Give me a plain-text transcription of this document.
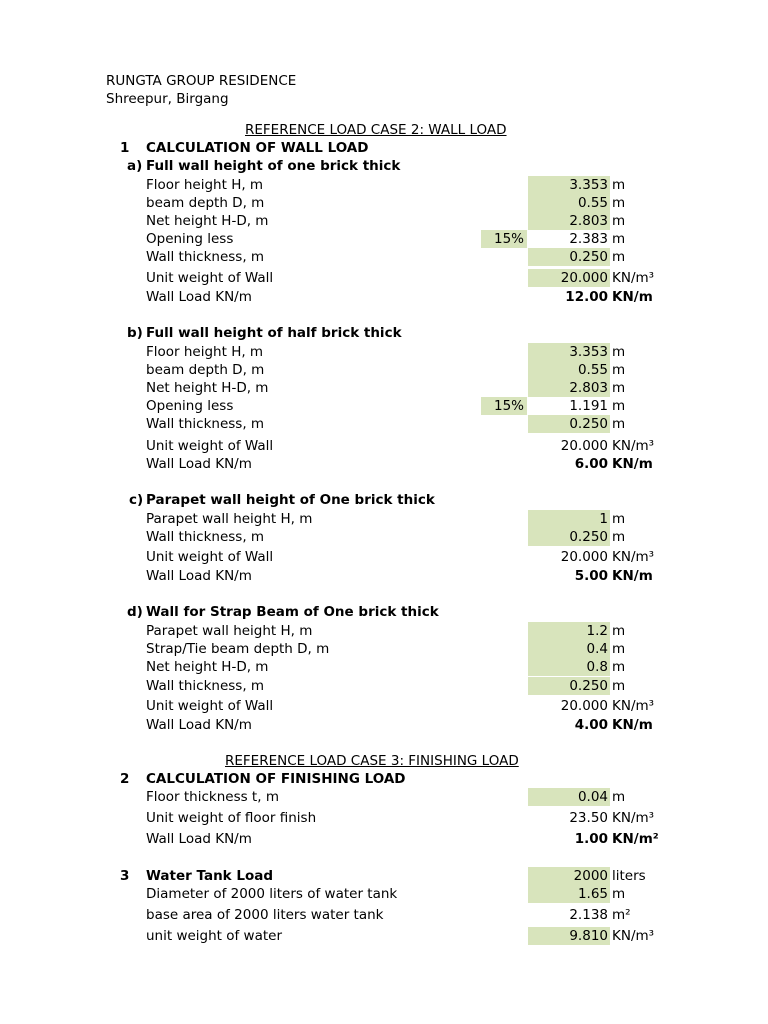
RUNGTA GROUP RESIDENCE
Shreepur, Birgang
REFERENCE LOAD CASE 2: WALL LOAD
1 CALCULATION OF WALL LOAD
a) Full wall height of one brick thick
b) Full wall height of half brick thick
c) Parapet wall height of One brick thick
d) Wall for Strap Beam of One brick thick
REFERENCE LOAD CASE 3: FINISHING LOAD
2 CALCULATION OF FINISHING LOAD
3 Water Tank Load	2000 liters
Floor height H, m	3.353 m
beam depth D, m	0.55 m
Net height H-D, m	2.803 m
Opening less	15%	2.383 m
Wall thickness, m	0.250 m
Unit weight of Wall	20.000 KN/m³
Wall Load KN/m	12.00 KN/m
Floor height H, m	3.353 m
beam depth D, m	0.55 m
Net height H-D, m	2.803 m
Opening less	15%	1.191 m
Wall thickness, m	0.250 m
Unit weight of Wall	20.000 KN/m³
Wall Load KN/m	6.00 KN/m
Parapet wall height H, m	1 m
Wall thickness, m	0.250 m
Unit weight of Wall	20.000 KN/m³
Wall Load KN/m	5.00 KN/m
Parapet wall height H, m	1.2 m
Strap/Tie beam depth D, m	0.4 m
Net height H-D, m	0.8 m
Wall thickness, m	0.250 m
Unit weight of Wall	20.000 KN/m³
Wall Load KN/m	4.00 KN/m
Floor thickness t, m	0.04 m
Unit weight of floor finish	23.50 KN/m³
Wall Load KN/m	1.00 KN/m²
Diameter of 2000 liters of water tank	1.65 m
base area of 2000 liters water tank	2.138 m²
unit weight of water	9.810 KN/m³
